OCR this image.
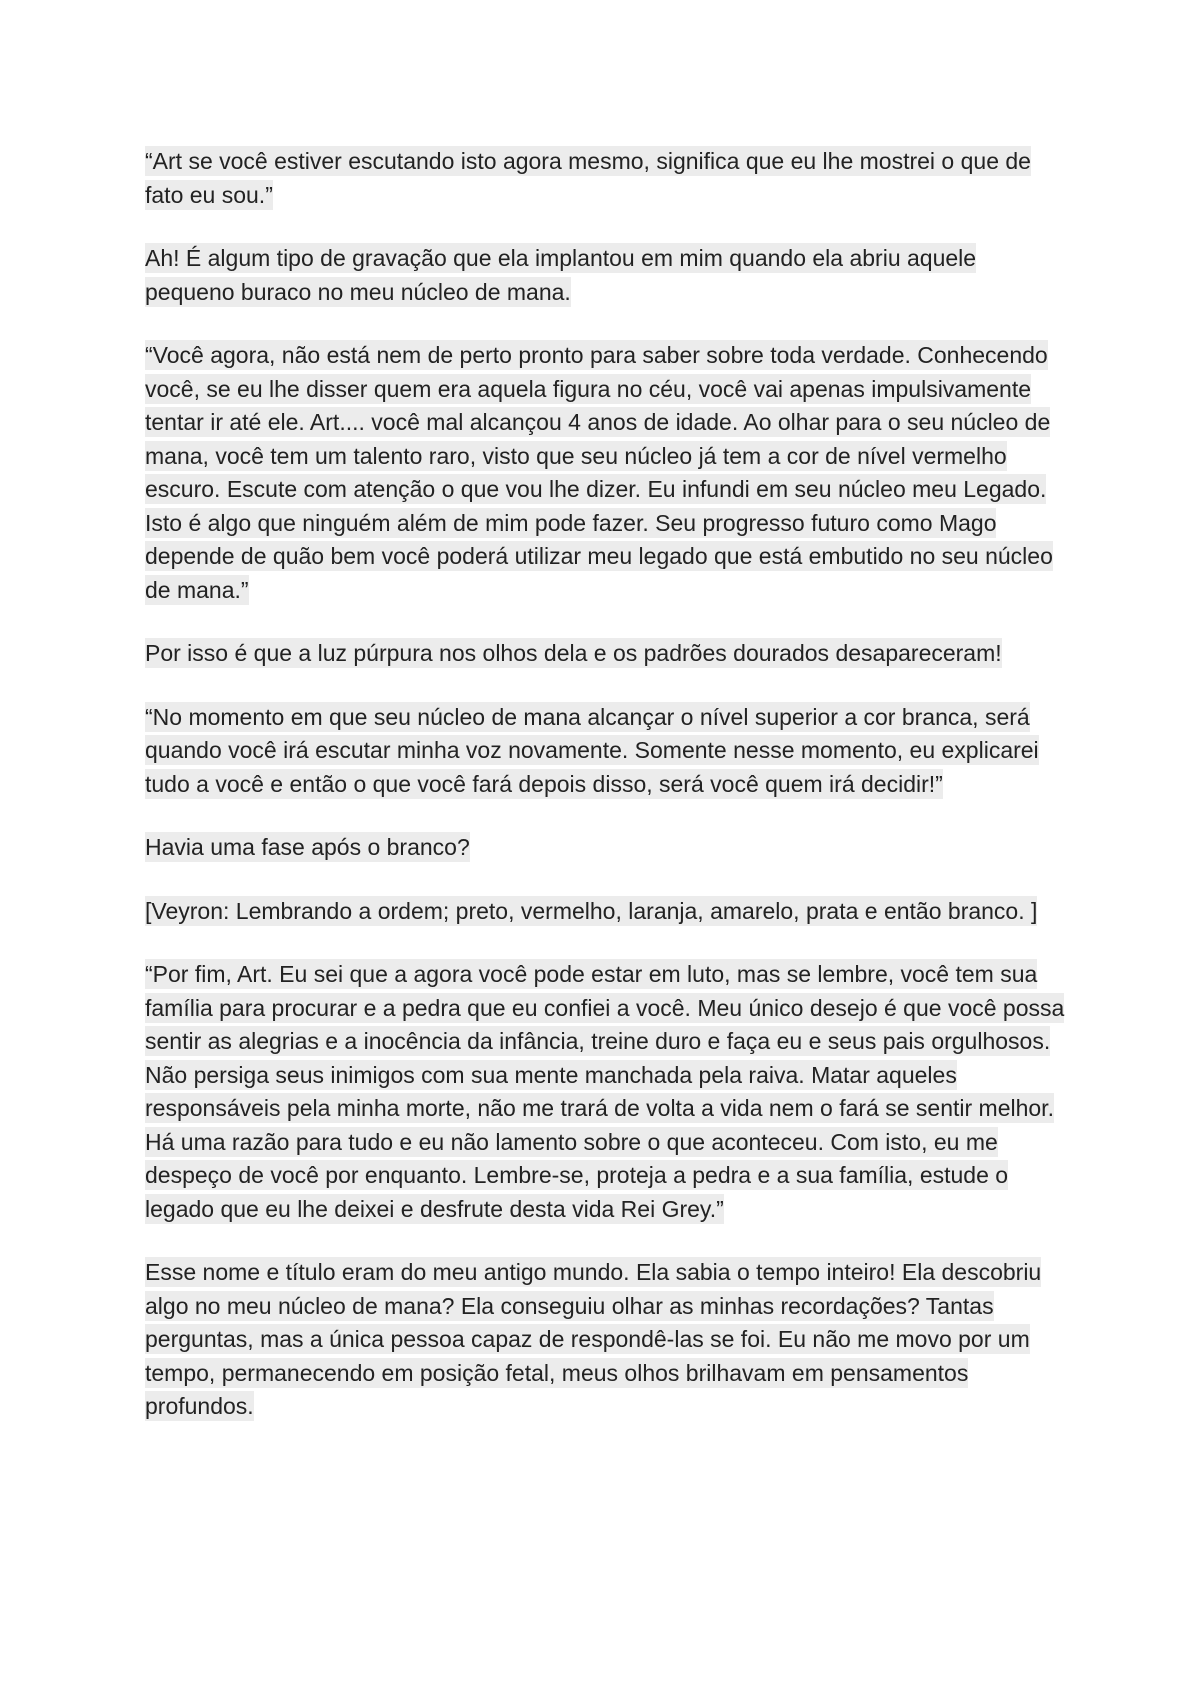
“Art se você estiver escutando isto agora mesmo, significa que eu lhe mostrei o que de fato eu sou.”

Ah! É algum tipo de gravação que ela implantou em mim quando ela abriu aquele pequeno buraco no meu núcleo de mana.

“Você agora, não está nem de perto pronto para saber sobre toda verdade. Conhecendo você, se eu lhe disser quem era aquela figura no céu, você vai apenas impulsivamente tentar ir até ele. Art.... você mal alcançou 4 anos de idade. Ao olhar para o seu núcleo de mana, você tem um talento raro, visto que seu núcleo já tem a cor de nível vermelho escuro. Escute com atenção o que vou lhe dizer. Eu infundi em seu núcleo meu Legado. Isto é algo que ninguém além de mim pode fazer. Seu progresso futuro como Mago depende de quão bem você poderá utilizar meu legado que está embutido no seu núcleo de mana.”

Por isso é que a luz púrpura nos olhos dela e os padrões dourados desapareceram!

“No momento em que seu núcleo de mana alcançar o nível superior a cor branca, será quando você irá escutar minha voz novamente. Somente nesse momento, eu explicarei tudo a você e então o que você fará depois disso, será você quem irá decidir!”

Havia uma fase após o branco?

[Veyron: Lembrando a ordem; preto, vermelho, laranja, amarelo, prata e então branco. ]

“Por fim, Art. Eu sei que a agora você pode estar em luto, mas se lembre, você tem sua família para procurar e a pedra que eu confiei a você. Meu único desejo é que você possa sentir as alegrias e a inocência da infância, treine duro e faça eu e seus pais orgulhosos. Não persiga seus inimigos com sua mente manchada pela raiva. Matar aqueles responsáveis pela minha morte, não me trará de volta a vida nem o fará se sentir melhor. Há uma razão para tudo e eu não lamento sobre o que aconteceu. Com isto, eu me despeço de você por enquanto. Lembre-se, proteja a pedra e a sua família, estude o legado que eu lhe deixei e desfrute desta vida Rei Grey.”

Esse nome e título eram do meu antigo mundo. Ela sabia o tempo inteiro! Ela descobriu algo no meu núcleo de mana? Ela conseguiu olhar as minhas recordações? Tantas perguntas, mas a única pessoa capaz de respondê-las se foi. Eu não me movo por um tempo, permanecendo em posição fetal, meus olhos brilhavam em pensamentos profundos.
